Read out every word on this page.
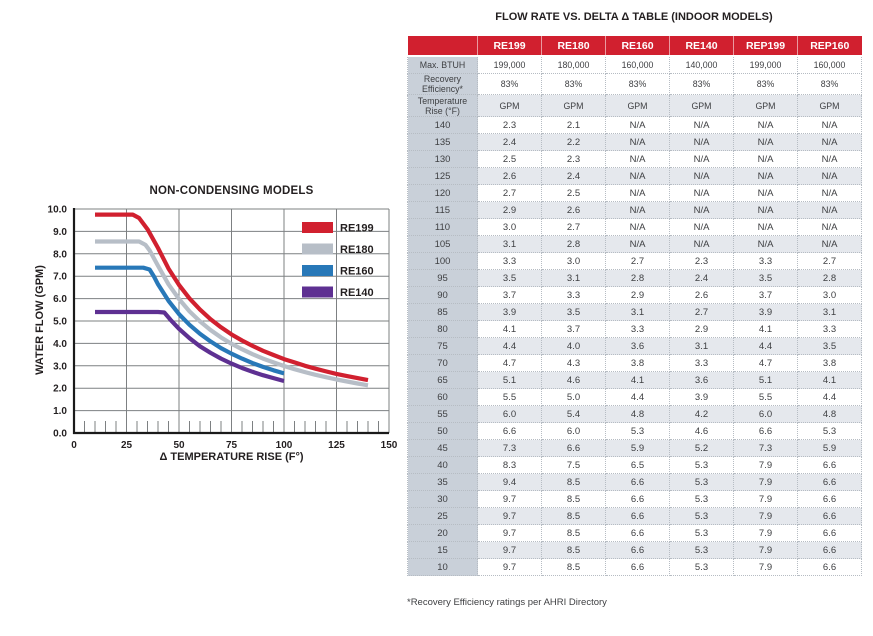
NON-CONDENSING MODELS
WATER FLOW (GPM)
0.0
1.0
2.0
3.0
4.0
5.0
6.0
7.0
8.0
9.0
10.0
0	25	50	75	100	125	150
RE199
RE180
RE160
RE140
Δ TEMPERATURE RISE (F°)
FLOW RATE VS. DELTA Δ TABLE (INDOOR MODELS)
	RE199	RE180	RE160	RE140	REP199	REP160
Max. BTUH	199,000	180,000	160,000	140,000	199,000	160,000
Recovery Efficiency*	83%	83%	83%	83%	83%	83%
Temperature Rise (°F)	GPM	GPM	GPM	GPM	GPM	GPM
140	2.3	2.1	N/A	N/A	N/A	N/A
135	2.4	2.2	N/A	N/A	N/A	N/A
130	2.5	2.3	N/A	N/A	N/A	N/A
125	2.6	2.4	N/A	N/A	N/A	N/A
120	2.7	2.5	N/A	N/A	N/A	N/A
115	2.9	2.6	N/A	N/A	N/A	N/A
110	3.0	2.7	N/A	N/A	N/A	N/A
105	3.1	2.8	N/A	N/A	N/A	N/A
100	3.3	3.0	2.7	2.3	3.3	2.7
95	3.5	3.1	2.8	2.4	3.5	2.8
90	3.7	3.3	2.9	2.6	3.7	3.0
85	3.9	3.5	3.1	2.7	3.9	3.1
80	4.1	3.7	3.3	2.9	4.1	3.3
75	4.4	4.0	3.6	3.1	4.4	3.5
70	4.7	4.3	3.8	3.3	4.7	3.8
65	5.1	4.6	4.1	3.6	5.1	4.1
60	5.5	5.0	4.4	3.9	5.5	4.4
55	6.0	5.4	4.8	4.2	6.0	4.8
50	6.6	6.0	5.3	4.6	6.6	5.3
45	7.3	6.6	5.9	5.2	7.3	5.9
40	8.3	7.5	6.5	5.3	7.9	6.6
35	9.4	8.5	6.6	5.3	7.9	6.6
30	9.7	8.5	6.6	5.3	7.9	6.6
25	9.7	8.5	6.6	5.3	7.9	6.6
20	9.7	8.5	6.6	5.3	7.9	6.6
15	9.7	8.5	6.6	5.3	7.9	6.6
10	9.7	8.5	6.6	5.3	7.9	6.6
*Recovery Efficiency ratings per AHRI Directory
